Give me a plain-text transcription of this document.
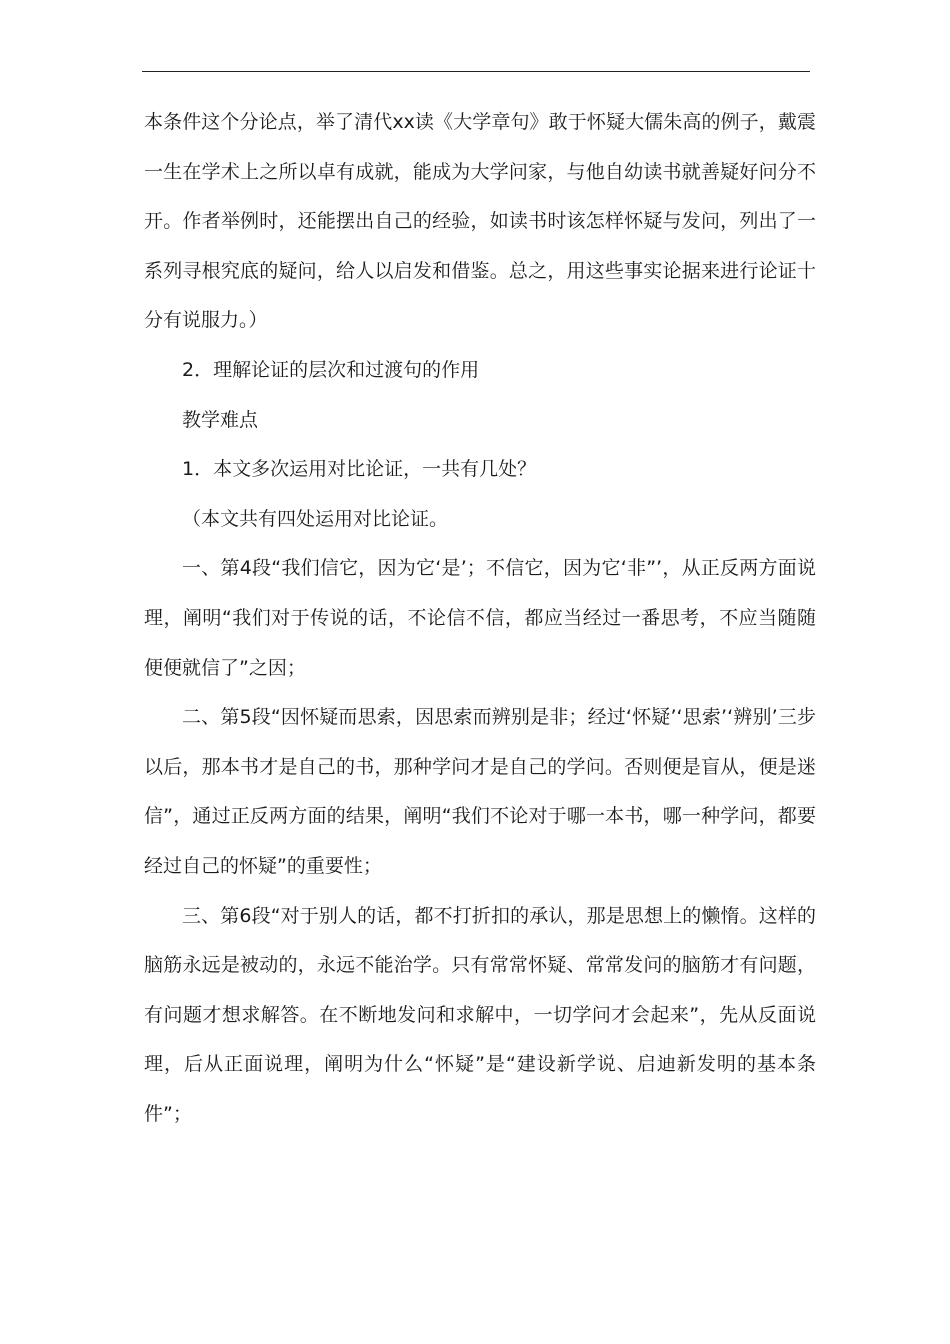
本条件这个分论点，举了清代xx读《大学章句》敢于怀疑大儒朱高的例子，戴震一生在学术上之所以卓有成就，能成为大学问家，与他自幼读书就善疑好问分不开。作者举例时，还能摆出自己的经验，如读书时该怎样怀疑与发问，列出了一系列寻根究底的疑问，给人以启发和借鉴。总之，用这些事实论据来进行论证十分有说服力。）

2．理解论证的层次和过渡句的作用

教学难点

1．本文多次运用对比论证，一共有几处？

（本文共有四处运用对比论证。

一、第4段“我们信它，因为它‘是’；不信它，因为它‘非”’，从正反两方面说理，阐明“我们对于传说的话，不论信不信，都应当经过一番思考，不应当随随便便就信了”之因；

二、第5段“因怀疑而思索，因思索而辨别是非；经过‘怀疑’‘思索’‘辨别’三步以后，那本书才是自己的书，那种学问才是自己的学问。否则便是盲从，便是迷信”，通过正反两方面的结果，阐明“我们不论对于哪一本书，哪一种学问，都要经过自己的怀疑”的重要性；

三、第6段“对于别人的话，都不打折扣的承认，那是思想上的懒惰。这样的脑筋永远是被动的，永远不能治学。只有常常怀疑、常常发问的脑筋才有问题，有问题才想求解答。在不断地发问和求解中，一切学问才会起来”，先从反面说理，后从正面说理，阐明为什么“怀疑”是“建设新学说、启迪新发明的基本条件”；
